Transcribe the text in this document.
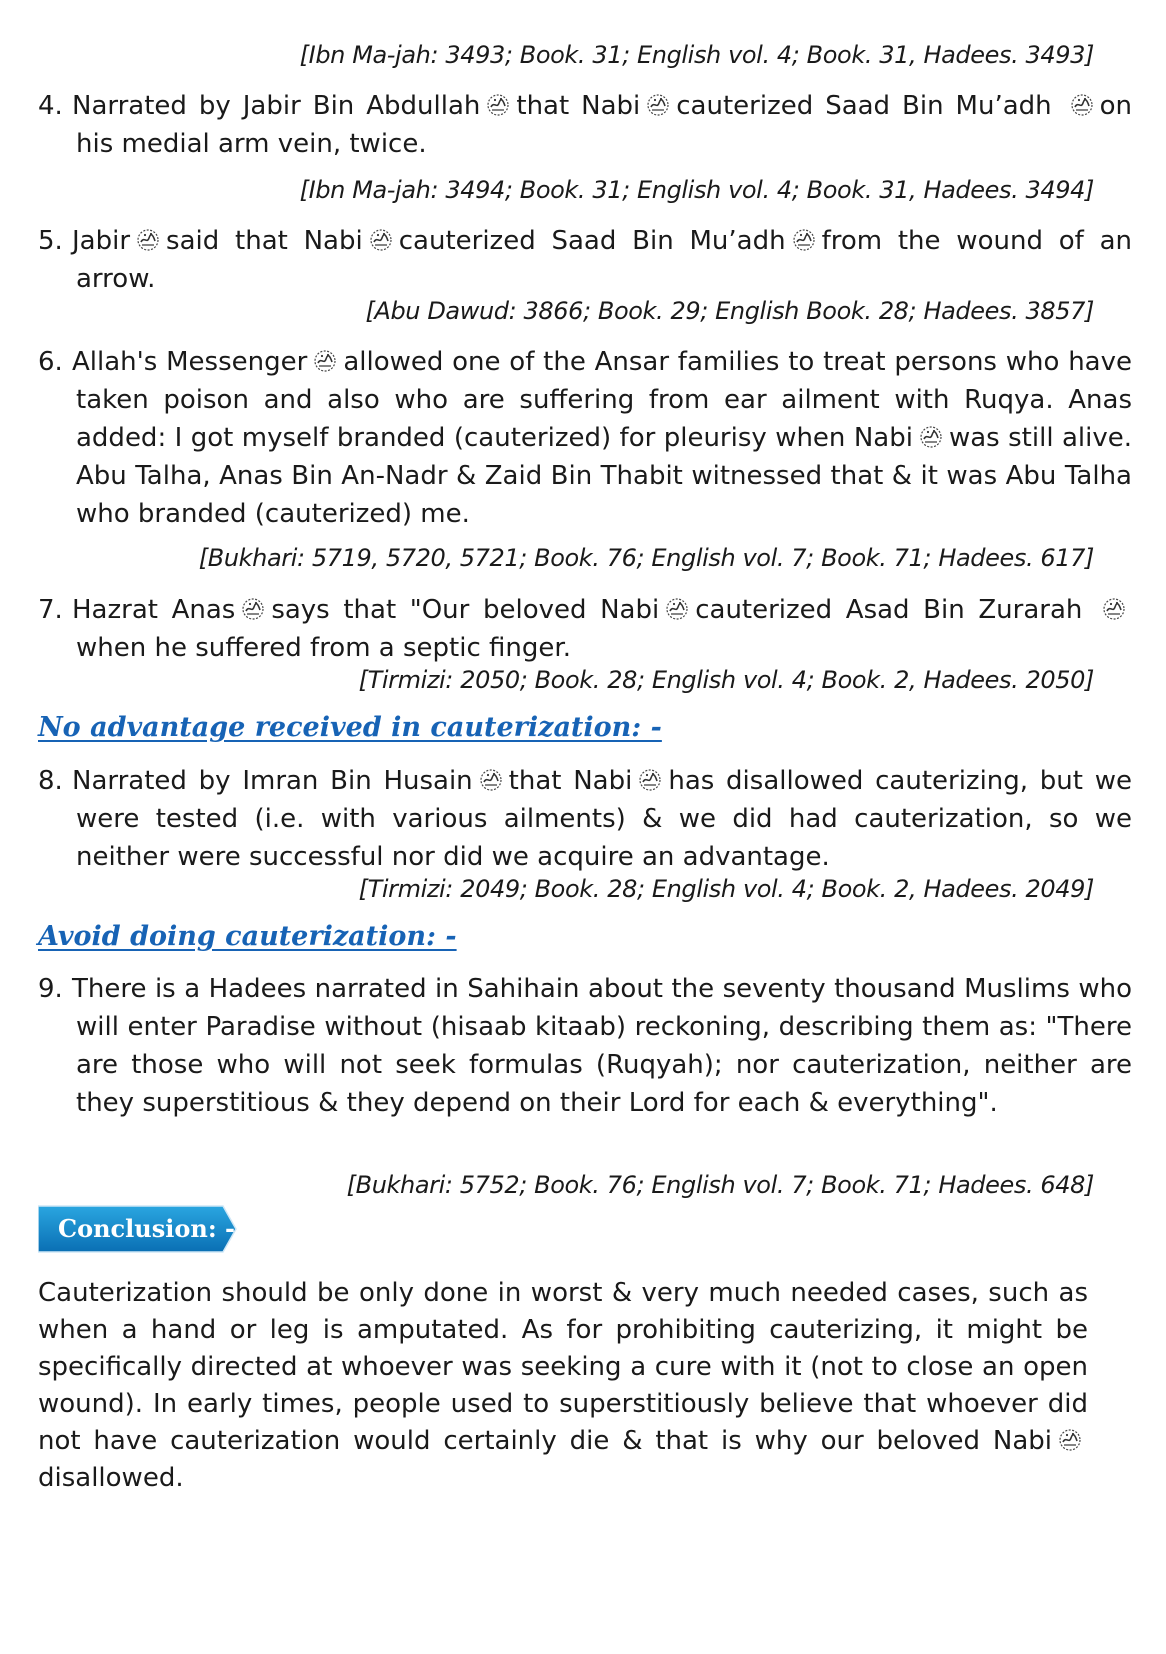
[Ibn Ma-jah: 3493; Book. 31; English vol. 4; Book. 31, Hadees. 3493]
4. Narrated by Jabir Bin Abdullah that Nabi cauterized Saad Bin Mu’adh on his medial arm vein, twice.
[Ibn Ma-jah: 3494; Book. 31; English vol. 4; Book. 31, Hadees. 3494]
5. Jabir said that Nabi cauterized Saad Bin Mu’adh from the wound of an arrow.
[Abu Dawud: 3866; Book. 29; English Book. 28; Hadees. 3857]
6. Allah's Messenger allowed one of the Ansar families to treat persons who have taken poison and also who are suffering from ear ailment with Ruqya. Anas added: I got myself branded (cauterized) for pleurisy when Nabi was still alive. Abu Talha, Anas Bin An-Nadr & Zaid Bin Thabit witnessed that & it was Abu Talha who branded (cauterized) me.
[Bukhari: 5719, 5720, 5721; Book. 76; English vol. 7; Book. 71; Hadees. 617]
7. Hazrat Anas says that "Our beloved Nabi cauterized Asad Bin Zurarah
when he suffered from a septic finger.
[Tirmizi: 2050; Book. 28; English vol. 4; Book. 2, Hadees. 2050]
No advantage received in cauterization: -
8. Narrated by Imran Bin Husain that Nabi has disallowed cauterizing, but we were tested (i.e. with various ailments) & we did had cauterization, so we neither were successful nor did we acquire an advantage.
[Tirmizi: 2049; Book. 28; English vol. 4; Book. 2, Hadees. 2049]
Avoid doing cauterization: -
9. There is a Hadees narrated in Sahihain about the seventy thousand Muslims who will enter Paradise without (hisaab kitaab) reckoning, describing them as: "There are those who will not seek formulas (Ruqyah); nor cauterization, neither are they superstitious & they depend on their Lord for each & everything".
[Bukhari: 5752; Book. 76; English vol. 7; Book. 71; Hadees. 648]
Conclusion: -
Cauterization should be only done in worst & very much needed cases, such as when a hand or leg is amputated. As for prohibiting cauterizing, it might be specifically directed at whoever was seeking a cure with it (not to close an open wound). In early times, people used to superstitiously believe that whoever did not have cauterization would certainly die & that is why our beloved Nabi
disallowed.
